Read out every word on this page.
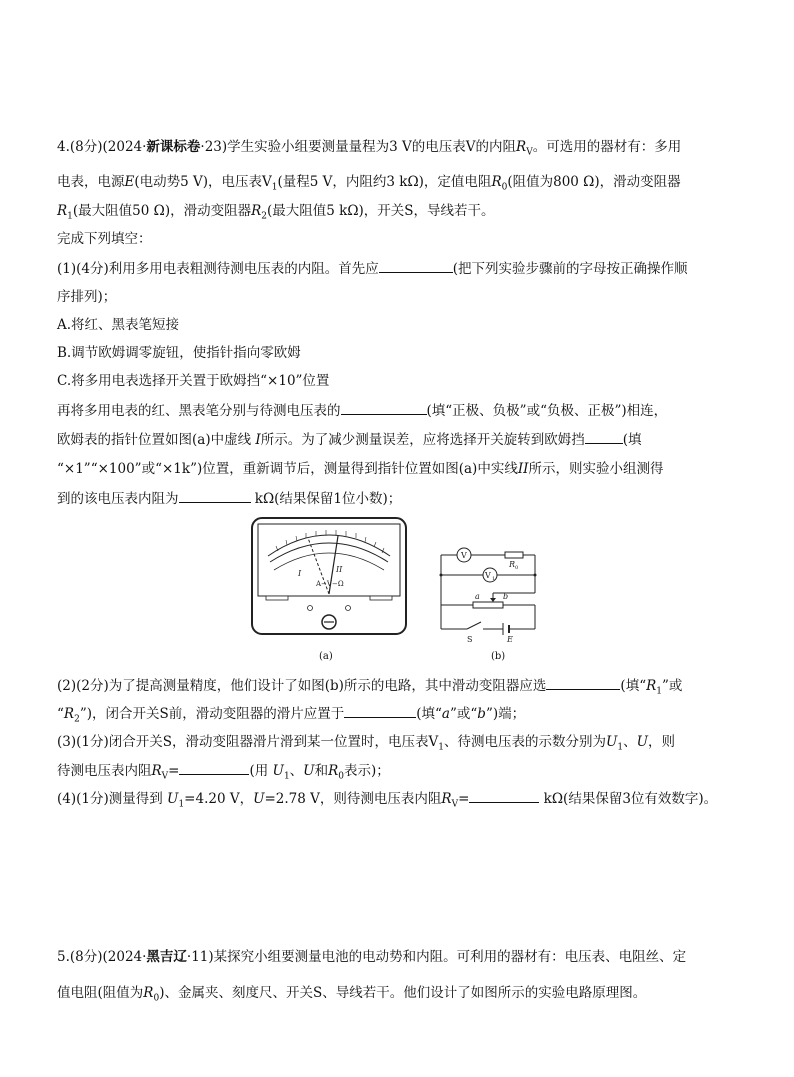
4.(8分)(2024·新课标卷·23)学生实验小组要测量量程为3 V的电压表V的内阻$R_V$。可选用的器材有：多用
电表，电源E(电动势5 V)，电压表$V_1$(量程5 V，内阻约3 kΩ)，定值电阻$R_0$(阻值为800 Ω)，滑动变阻器
$R_1$(最大阻值50 Ω)，滑动变阻器$R_2$(最大阻值5 kΩ)，开关S，导线若干。
完成下列填空：
(1)(4分)利用多用电表粗测待测电压表的内阻。首先应	(把下列实验步骤前的字母按正确操作顺
序排列)；
A.将红、黑表笔短接
B.调节欧姆调零旋钮，使指针指向零欧姆
C.将多用电表选择开关置于欧姆挡“×10”位置
再将多用电表的红、黑表笔分别与待测电压表的	(填“正极、负极”或“负极、正极”)相连，
欧姆表的指针位置如图(a)中虚线 I所示。为了减少测量误差，应将选择开关旋转到欧姆挡	(填
“×1”“×100”或“×1k”)位置，重新调节后，测量得到指针位置如图(a)中实线II所示，则实验小组测得
到的该电压表内阻为	kΩ(结果保留1位小数)；
I	II
A−V−Ω
(a)
V
V 1
R 0
a	b
S	E
(b)
(2)(2分)为了提高测量精度，他们设计了如图(b)所示的电路，其中滑动变阻器应选	(填“$R_1$”或
“$R_2$”)，闭合开关S前，滑动变阻器的滑片应置于	(填“a”或“b”)端；
(3)(1分)闭合开关S，滑动变阻器滑片滑到某一位置时，电压表$V_1$、待测电压表的示数分别为$U_1$、U，则
待测电压表内阻$R_V=$	(用 $U_1$、U和$R_0$表示)；
(4)(1分)测量得到 $U_1=4.20$ V，U=2.78 V，则待测电压表内阻$R_V=$	kΩ(结果保留3位有效数字)。
5.(8分)(2024·黑吉辽·11)某探究小组要测量电池的电动势和内阻。可利用的器材有：电压表、电阻丝、定
值电阻(阻值为$R_0$)、金属夹、刻度尺、开关S、导线若干。他们设计了如图所示的实验电路原理图。
